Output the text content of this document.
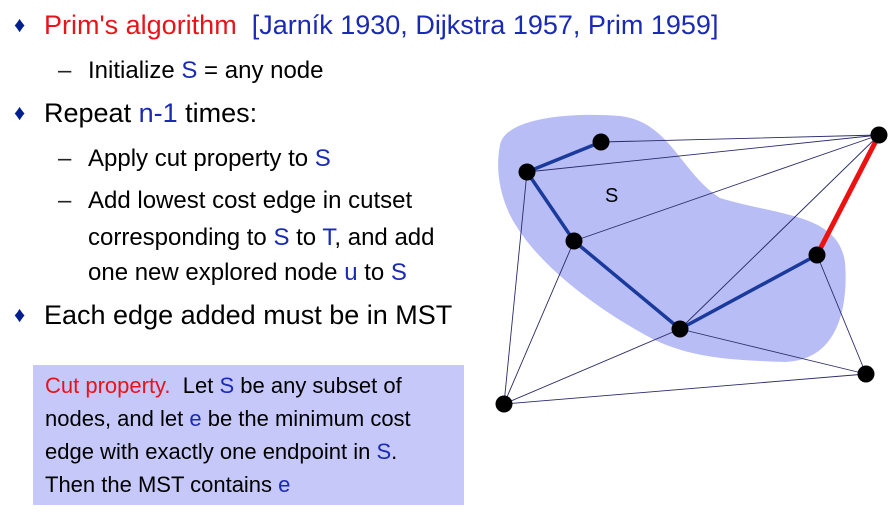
S
♦ Prim's algorithm [Jarník 1930, Dijkstra 1957, Prim 1959]
– Initialize S = any node
♦ Repeat n-1 times:
– Apply cut property to S
– Add lowest cost edge in cutset
corresponding to S to T, and add
one new explored node u to S
♦ Each edge added must be in MST
Cut property.  Let S be any subset of
nodes, and let e be the minimum cost
edge with exactly one endpoint in S.
Then the MST contains e
